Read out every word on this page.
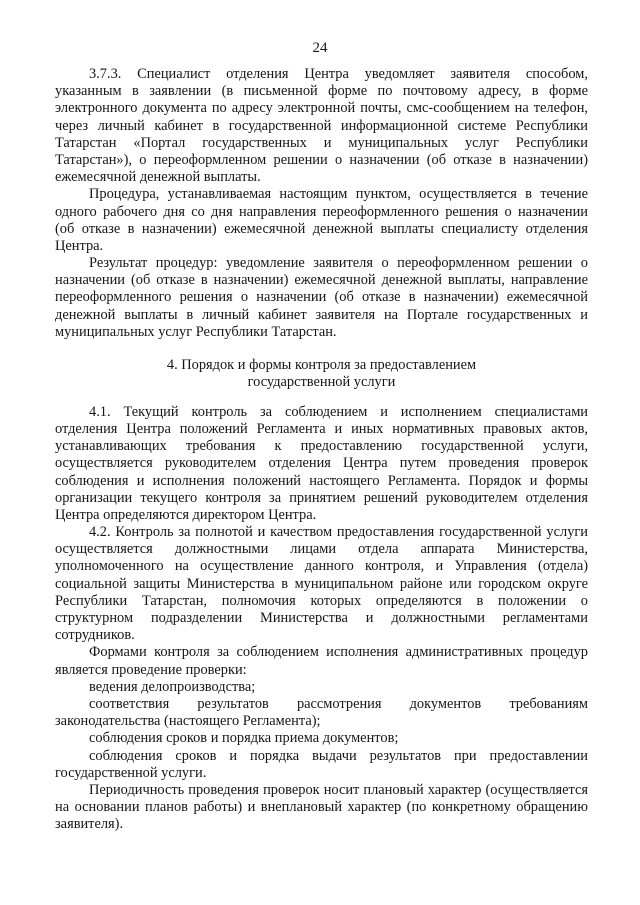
24
3.7.3. Специалист отделения Центра уведомляет заявителя способом,
указанным в заявлении (в письменной форме по почтовому адресу, в форме
электронного документа по адресу электронной почты, смс-сообщением на телефон,
через личный кабинет в государственной информационной системе Республики
Татарстан «Портал государственных и муниципальных услуг Республики
Татарстан»), о переоформленном решении о назначении (об отказе в назначении)
ежемесячной денежной выплаты.
Процедура, устанавливаемая настоящим пунктом, осуществляется в течение
одного рабочего дня со дня направления переоформленного решения о назначении
(об отказе в назначении) ежемесячной денежной выплаты специалисту отделения
Центра.
Результат процедур: уведомление заявителя о переоформленном решении о
назначении (об отказе в назначении) ежемесячной денежной выплаты, направление
переоформленного решения о назначении (об отказе в назначении) ежемесячной
денежной выплаты в личный кабинет заявителя на Портале государственных и
муниципальных услуг Республики Татарстан.
4. Порядок и формы контроля за предоставлением
государственной услуги
4.1. Текущий контроль за соблюдением и исполнением специалистами
отделения Центра положений Регламента и иных нормативных правовых актов,
устанавливающих требования к предоставлению государственной услуги,
осуществляется руководителем отделения Центра путем проведения проверок
соблюдения и исполнения положений настоящего Регламента. Порядок и формы
организации текущего контроля за принятием решений руководителем отделения
Центра определяются директором Центра.
4.2. Контроль за полнотой и качеством предоставления государственной услуги
осуществляется должностными лицами отдела аппарата Министерства,
уполномоченного на осуществление данного контроля, и Управления (отдела)
социальной защиты Министерства в муниципальном районе или городском округе
Республики Татарстан, полномочия которых определяются в положении о
структурном подразделении Министерства и должностными регламентами
сотрудников.
Формами контроля за соблюдением исполнения административных процедур
является проведение проверки:
ведения делопроизводства;
соответствия результатов рассмотрения документов требованиям
законодательства (настоящего Регламента);
соблюдения сроков и порядка приема документов;
соблюдения сроков и порядка выдачи результатов при предоставлении
государственной услуги.
Периодичность проведения проверок носит плановый характер (осуществляется
на основании планов работы) и внеплановый характер (по конкретному обращению
заявителя).
